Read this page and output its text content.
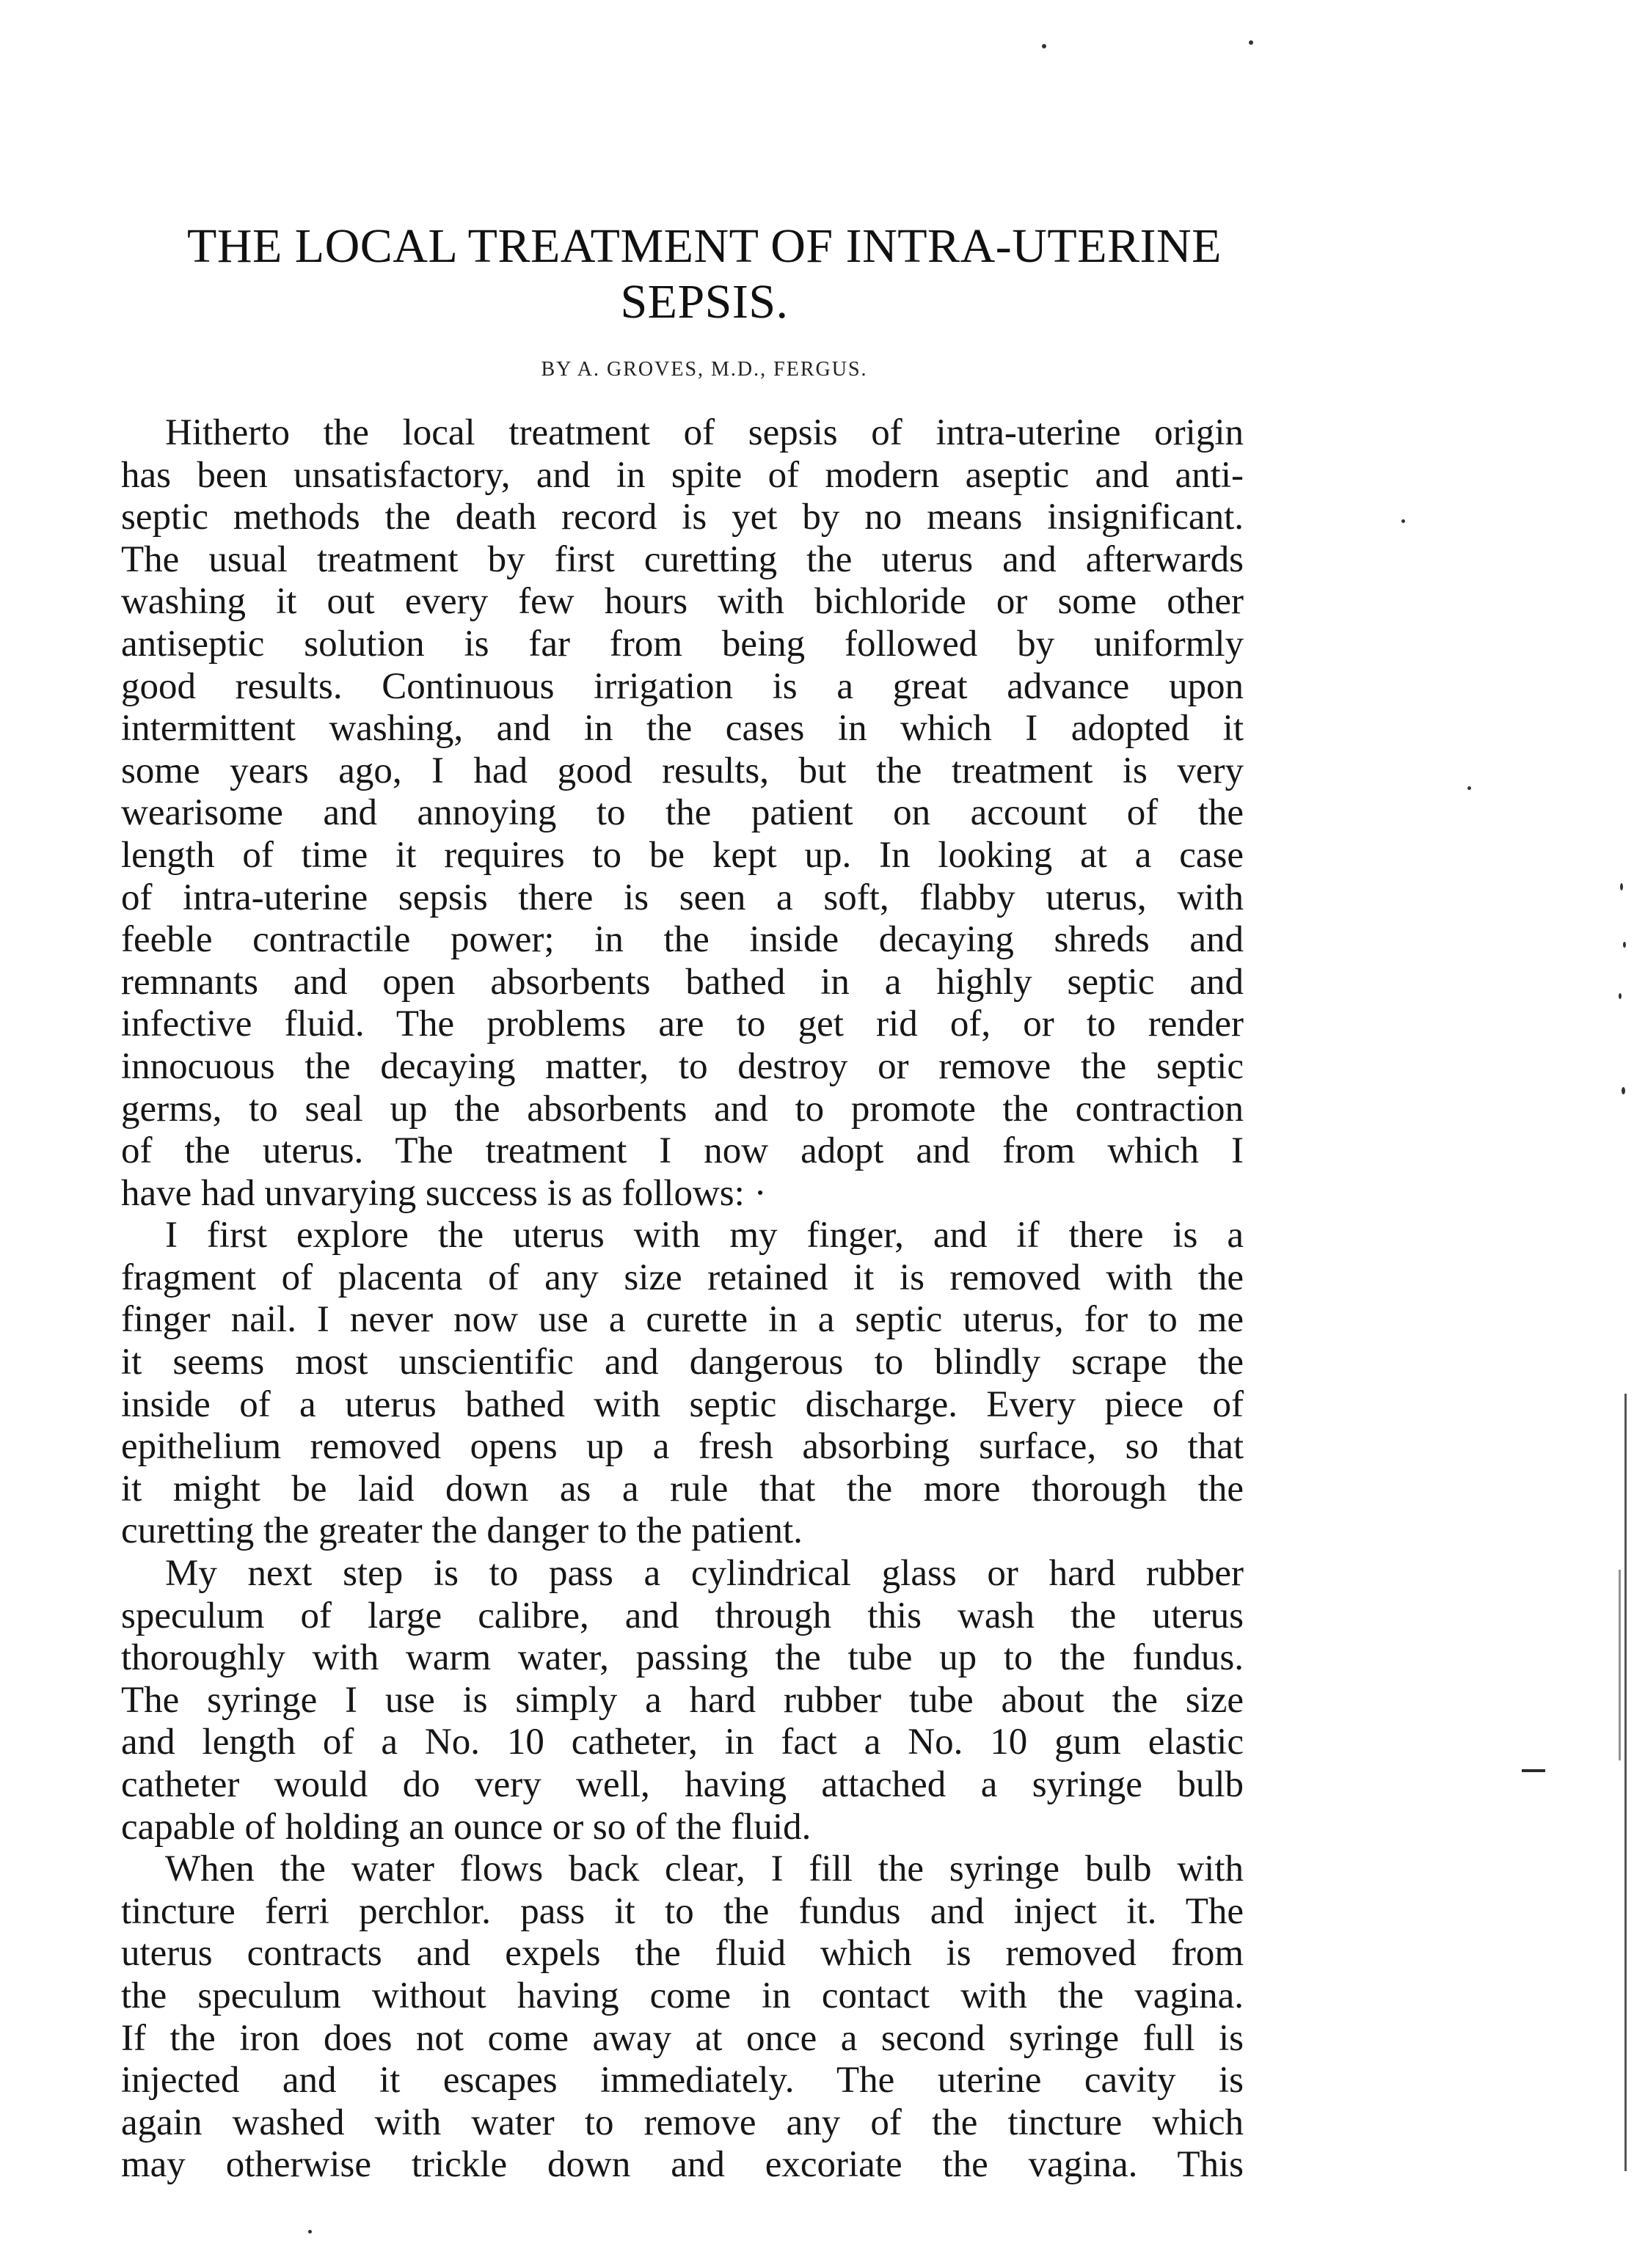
THE LOCAL TREATMENT OF INTRA-UTERINE
SEPSIS.
BY A. GROVES, M.D., FERGUS.
Hitherto the local treatment of sepsis of intra-uterine origin
has been unsatisfactory, and in spite of modern aseptic and anti-
septic methods the death record is yet by no means insignificant.
The usual treatment by first curetting the uterus and afterwards
washing it out every few hours with bichloride or some other
antiseptic solution is far from being followed by uniformly
good results. Continuous irrigation is a great advance upon
intermittent washing, and in the cases in which I adopted it
some years ago, I had good results, but the treatment is very
wearisome and annoying to the patient on account of the
length of time it requires to be kept up. In looking at a case
of intra-uterine sepsis there is seen a soft, flabby uterus, with
feeble contractile power; in the inside decaying shreds and
remnants and open absorbents bathed in a highly septic and
infective fluid. The problems are to get rid of, or to render
innocuous the decaying matter, to destroy or remove the septic
germs, to seal up the absorbents and to promote the contraction
of the uterus. The treatment I now adopt and from which I
have had unvarying success is as follows: ·
I first explore the uterus with my finger, and if there is a
fragment of placenta of any size retained it is removed with the
finger nail. I never now use a curette in a septic uterus, for to me
it seems most unscientific and dangerous to blindly scrape the
inside of a uterus bathed with septic discharge. Every piece of
epithelium removed opens up a fresh absorbing surface, so that
it might be laid down as a rule that the more thorough the
curetting the greater the danger to the patient.
My next step is to pass a cylindrical glass or hard rubber
speculum of large calibre, and through this wash the uterus
thoroughly with warm water, passing the tube up to the fundus.
The syringe I use is simply a hard rubber tube about the size
and length of a No. 10 catheter, in fact a No. 10 gum elastic
catheter would do very well, having attached a syringe bulb
capable of holding an ounce or so of the fluid.
When the water flows back clear, I fill the syringe bulb with
tincture ferri perchlor. pass it to the fundus and inject it. The
uterus contracts and expels the fluid which is removed from
the speculum without having come in contact with the vagina.
If the iron does not come away at once a second syringe full is
injected and it escapes immediately. The uterine cavity is
again washed with water to remove any of the tincture which
may otherwise trickle down and excoriate the vagina. This
